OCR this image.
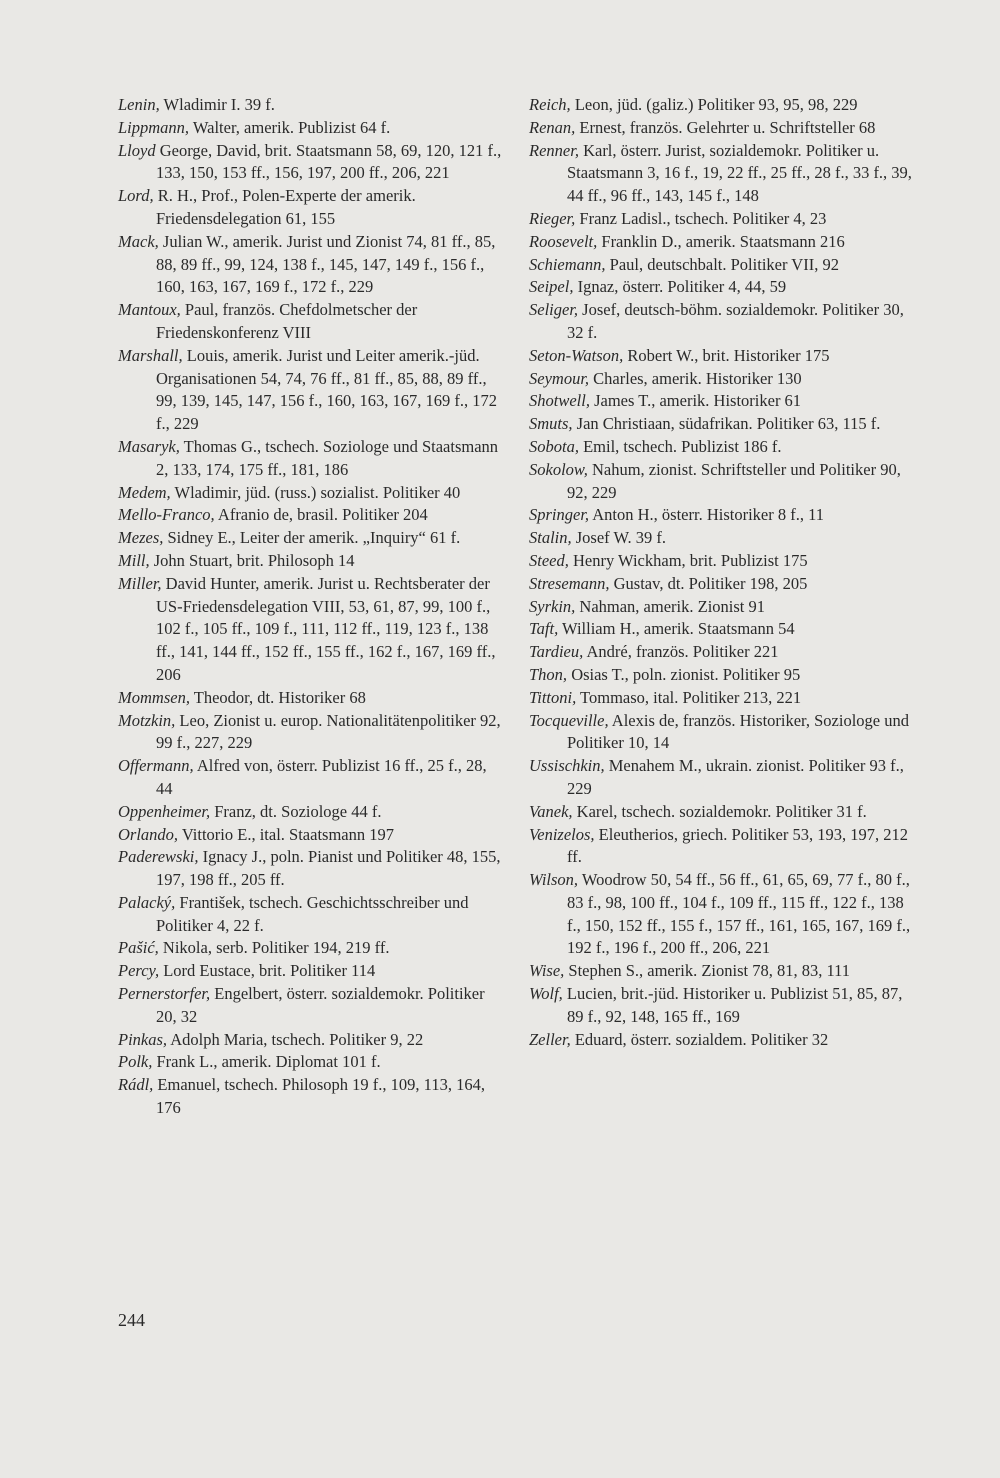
Lenin, Wladimir I. 39 f.

Lippmann, Walter, amerik. Publizist 64 f.

Lloyd George, David, brit. Staatsmann 58, 69, 120, 121 f., 133, 150, 153 ff., 156, 197, 200 ff., 206, 221

Lord, R. H., Prof., Polen-Experte der amerik. Friedensdelegation 61, 155

Mack, Julian W., amerik. Jurist und Zionist 74, 81 ff., 85, 88, 89 ff., 99, 124, 138 f., 145, 147, 149 f., 156 f., 160, 163, 167, 169 f., 172 f., 229

Mantoux, Paul, französ. Chefdolmetscher der Friedenskonferenz VIII

Marshall, Louis, amerik. Jurist und Leiter amerik.-jüd. Organisationen 54, 74, 76 ff., 81 ff., 85, 88, 89 ff., 99, 139, 145, 147, 156 f., 160, 163, 167, 169 f., 172 f., 229

Masaryk, Thomas G., tschech. Soziologe und Staatsmann 2, 133, 174, 175 ff., 181, 186

Medem, Wladimir, jüd. (russ.) sozialist. Politiker 40

Mello-Franco, Afranio de, brasil. Politiker 204

Mezes, Sidney E., Leiter der amerik. „Inquiry“ 61 f.

Mill, John Stuart, brit. Philosoph 14

Miller, David Hunter, amerik. Jurist u. Rechtsberater der US-Friedensdelegation VIII, 53, 61, 87, 99, 100 f., 102 f., 105 ff., 109 f., 111, 112 ff., 119, 123 f., 138 ff., 141, 144 ff., 152 ff., 155 ff., 162 f., 167, 169 ff., 206

Mommsen, Theodor, dt. Historiker 68

Motzkin, Leo, Zionist u. europ. Nationalitätenpolitiker 92, 99 f., 227, 229

Offermann, Alfred von, österr. Publizist 16 ff., 25 f., 28, 44

Oppenheimer, Franz, dt. Soziologe 44 f.

Orlando, Vittorio E., ital. Staatsmann 197

Paderewski, Ignacy J., poln. Pianist und Politiker 48, 155, 197, 198 ff., 205 ff.

Palacký, František, tschech. Geschichtsschreiber und Politiker 4, 22 f.

Pašić, Nikola, serb. Politiker 194, 219 ff.

Percy, Lord Eustace, brit. Politiker 114

Pernerstorfer, Engelbert, österr. sozialdemokr. Politiker 20, 32

Pinkas, Adolph Maria, tschech. Politiker 9, 22

Polk, Frank L., amerik. Diplomat 101 f.

Rádl, Emanuel, tschech. Philosoph 19 f., 109, 113, 164, 176

Reich, Leon, jüd. (galiz.) Politiker 93, 95, 98, 229

Renan, Ernest, französ. Gelehrter u. Schriftsteller 68

Renner, Karl, österr. Jurist, sozialdemokr. Politiker u. Staatsmann 3, 16 f., 19, 22 ff., 25 ff., 28 f., 33 f., 39, 44 ff., 96 ff., 143, 145 f., 148

Rieger, Franz Ladisl., tschech. Politiker 4, 23

Roosevelt, Franklin D., amerik. Staatsmann 216

Schiemann, Paul, deutschbalt. Politiker VII, 92

Seipel, Ignaz, österr. Politiker 4, 44, 59

Seliger, Josef, deutsch-böhm. sozialdemokr. Politiker 30, 32 f.

Seton-Watson, Robert W., brit. Historiker 175

Seymour, Charles, amerik. Historiker 130

Shotwell, James T., amerik. Historiker 61

Smuts, Jan Christiaan, südafrikan. Politiker 63, 115 f.

Sobota, Emil, tschech. Publizist 186 f.

Sokolow, Nahum, zionist. Schriftsteller und Politiker 90, 92, 229

Springer, Anton H., österr. Historiker 8 f., 11

Stalin, Josef W. 39 f.

Steed, Henry Wickham, brit. Publizist 175

Stresemann, Gustav, dt. Politiker 198, 205

Syrkin, Nahman, amerik. Zionist 91

Taft, William H., amerik. Staatsmann 54

Tardieu, André, französ. Politiker 221

Thon, Osias T., poln. zionist. Politiker 95

Tittoni, Tommaso, ital. Politiker 213, 221

Tocqueville, Alexis de, französ. Historiker, Soziologe und Politiker 10, 14

Ussischkin, Menahem M., ukrain. zionist. Politiker 93 f., 229

Vanek, Karel, tschech. sozialdemokr. Politiker 31 f.

Venizelos, Eleutherios, griech. Politiker 53, 193, 197, 212 ff.

Wilson, Woodrow 50, 54 ff., 56 ff., 61, 65, 69, 77 f., 80 f., 83 f., 98, 100 ff., 104 f., 109 ff., 115 ff., 122 f., 138 f., 150, 152 ff., 155 f., 157 ff., 161, 165, 167, 169 f., 192 f., 196 f., 200 ff., 206, 221

Wise, Stephen S., amerik. Zionist 78, 81, 83, 111

Wolf, Lucien, brit.-jüd. Historiker u. Publizist 51, 85, 87, 89 f., 92, 148, 165 ff., 169

Zeller, Eduard, österr. sozialdem. Politiker 32

244
